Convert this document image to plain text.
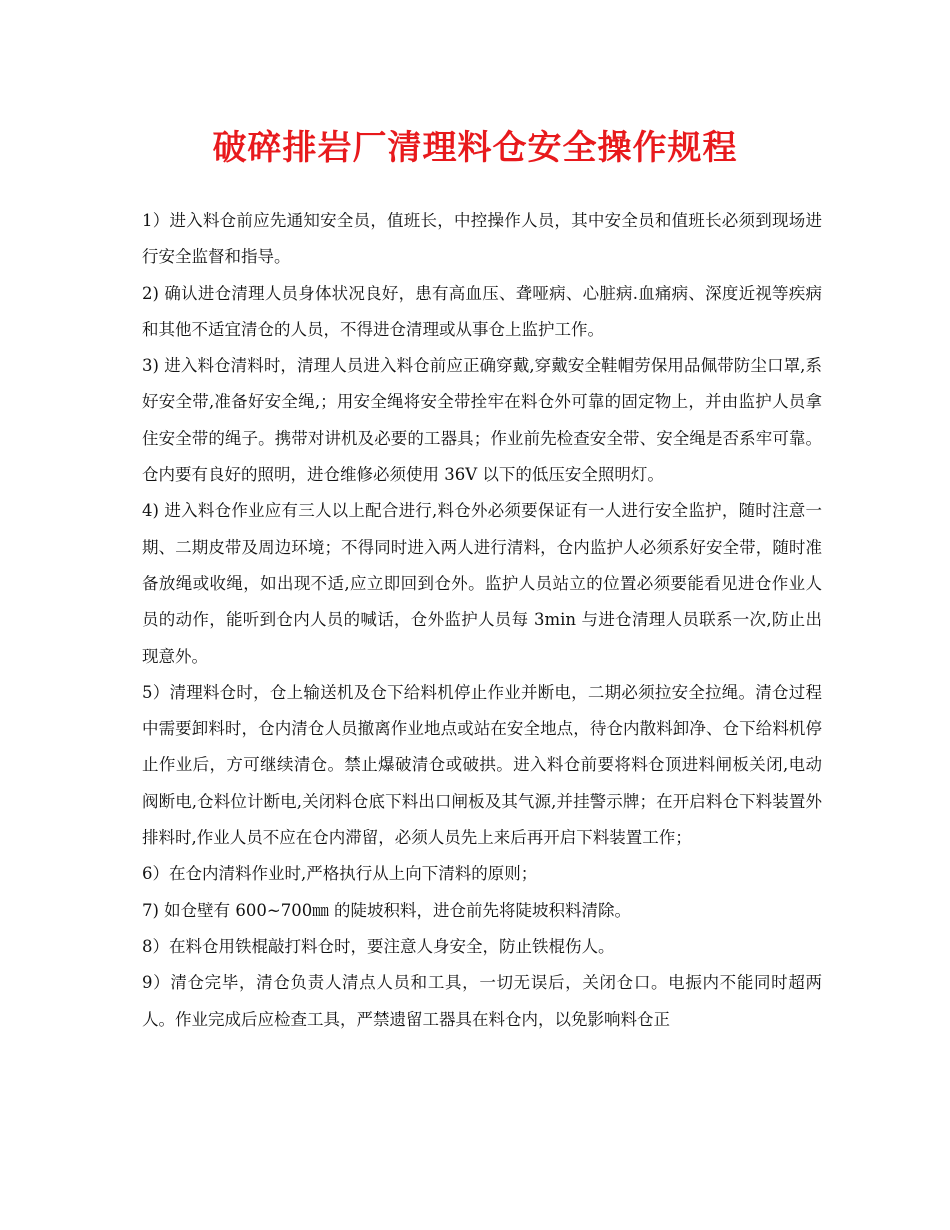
破碎排岩厂清理料仓安全操作规程

1）进入料仓前应先通知安全员，值班长，中控操作人员，其中安全员和值班长必须到现场进行安全监督和指导。

2) 确认进仓清理人员身体状况良好，患有高血压、聋哑病、心脏病.血痛病、深度近视等疾病和其他不适宜清仓的人员，不得进仓清理或从事仓上监护工作。

3) 进入料仓清料时，清理人员进入料仓前应正确穿戴,穿戴安全鞋帽劳保用品佩带防尘口罩,系好安全带,准备好安全绳,；用安全绳将安全带拴牢在料仓外可靠的固定物上，并由监护人员拿住安全带的绳子。携带对讲机及必要的工器具；作业前先检查安全带、安全绳是否系牢可靠。仓内要有良好的照明，进仓维修必须使用 36V 以下的低压安全照明灯。

4) 进入料仓作业应有三人以上配合进行,料仓外必须要保证有一人进行安全监护，随时注意一期、二期皮带及周边环境；不得同时进入两人进行清料，仓内监护人必须系好安全带，随时准备放绳或收绳，如出现不适,应立即回到仓外。监护人员站立的位置必须要能看见进仓作业人员的动作，能听到仓内人员的喊话，仓外监护人员每 3min 与进仓清理人员联系一次,防止出现意外。

5）清理料仓时，仓上输送机及仓下给料机停止作业并断电，二期必须拉安全拉绳。清仓过程中需要卸料时，仓内清仓人员撤离作业地点或站在安全地点，待仓内散料卸净、仓下给料机停止作业后，方可继续清仓。禁止爆破清仓或破拱。进入料仓前要将料仓顶进料闸板关闭,电动阀断电,仓料位计断电,关闭料仓底下料出口闸板及其气源,并挂警示牌；在开启料仓下料装置外排料时,作业人员不应在仓内滞留，必须人员先上来后再开启下料装置工作；

6）在仓内清料作业时,严格执行从上向下清料的原则；

7) 如仓壁有 600~700㎜ 的陡坡积料，进仓前先将陡坡积料清除。

8）在料仓用铁棍敲打料仓时，要注意人身安全，防止铁棍伤人。

9）清仓完毕，清仓负责人清点人员和工具，一切无误后，关闭仓口。电振内不能同时超两人。作业完成后应检查工具，严禁遗留工器具在料仓内，以免影响料仓正
